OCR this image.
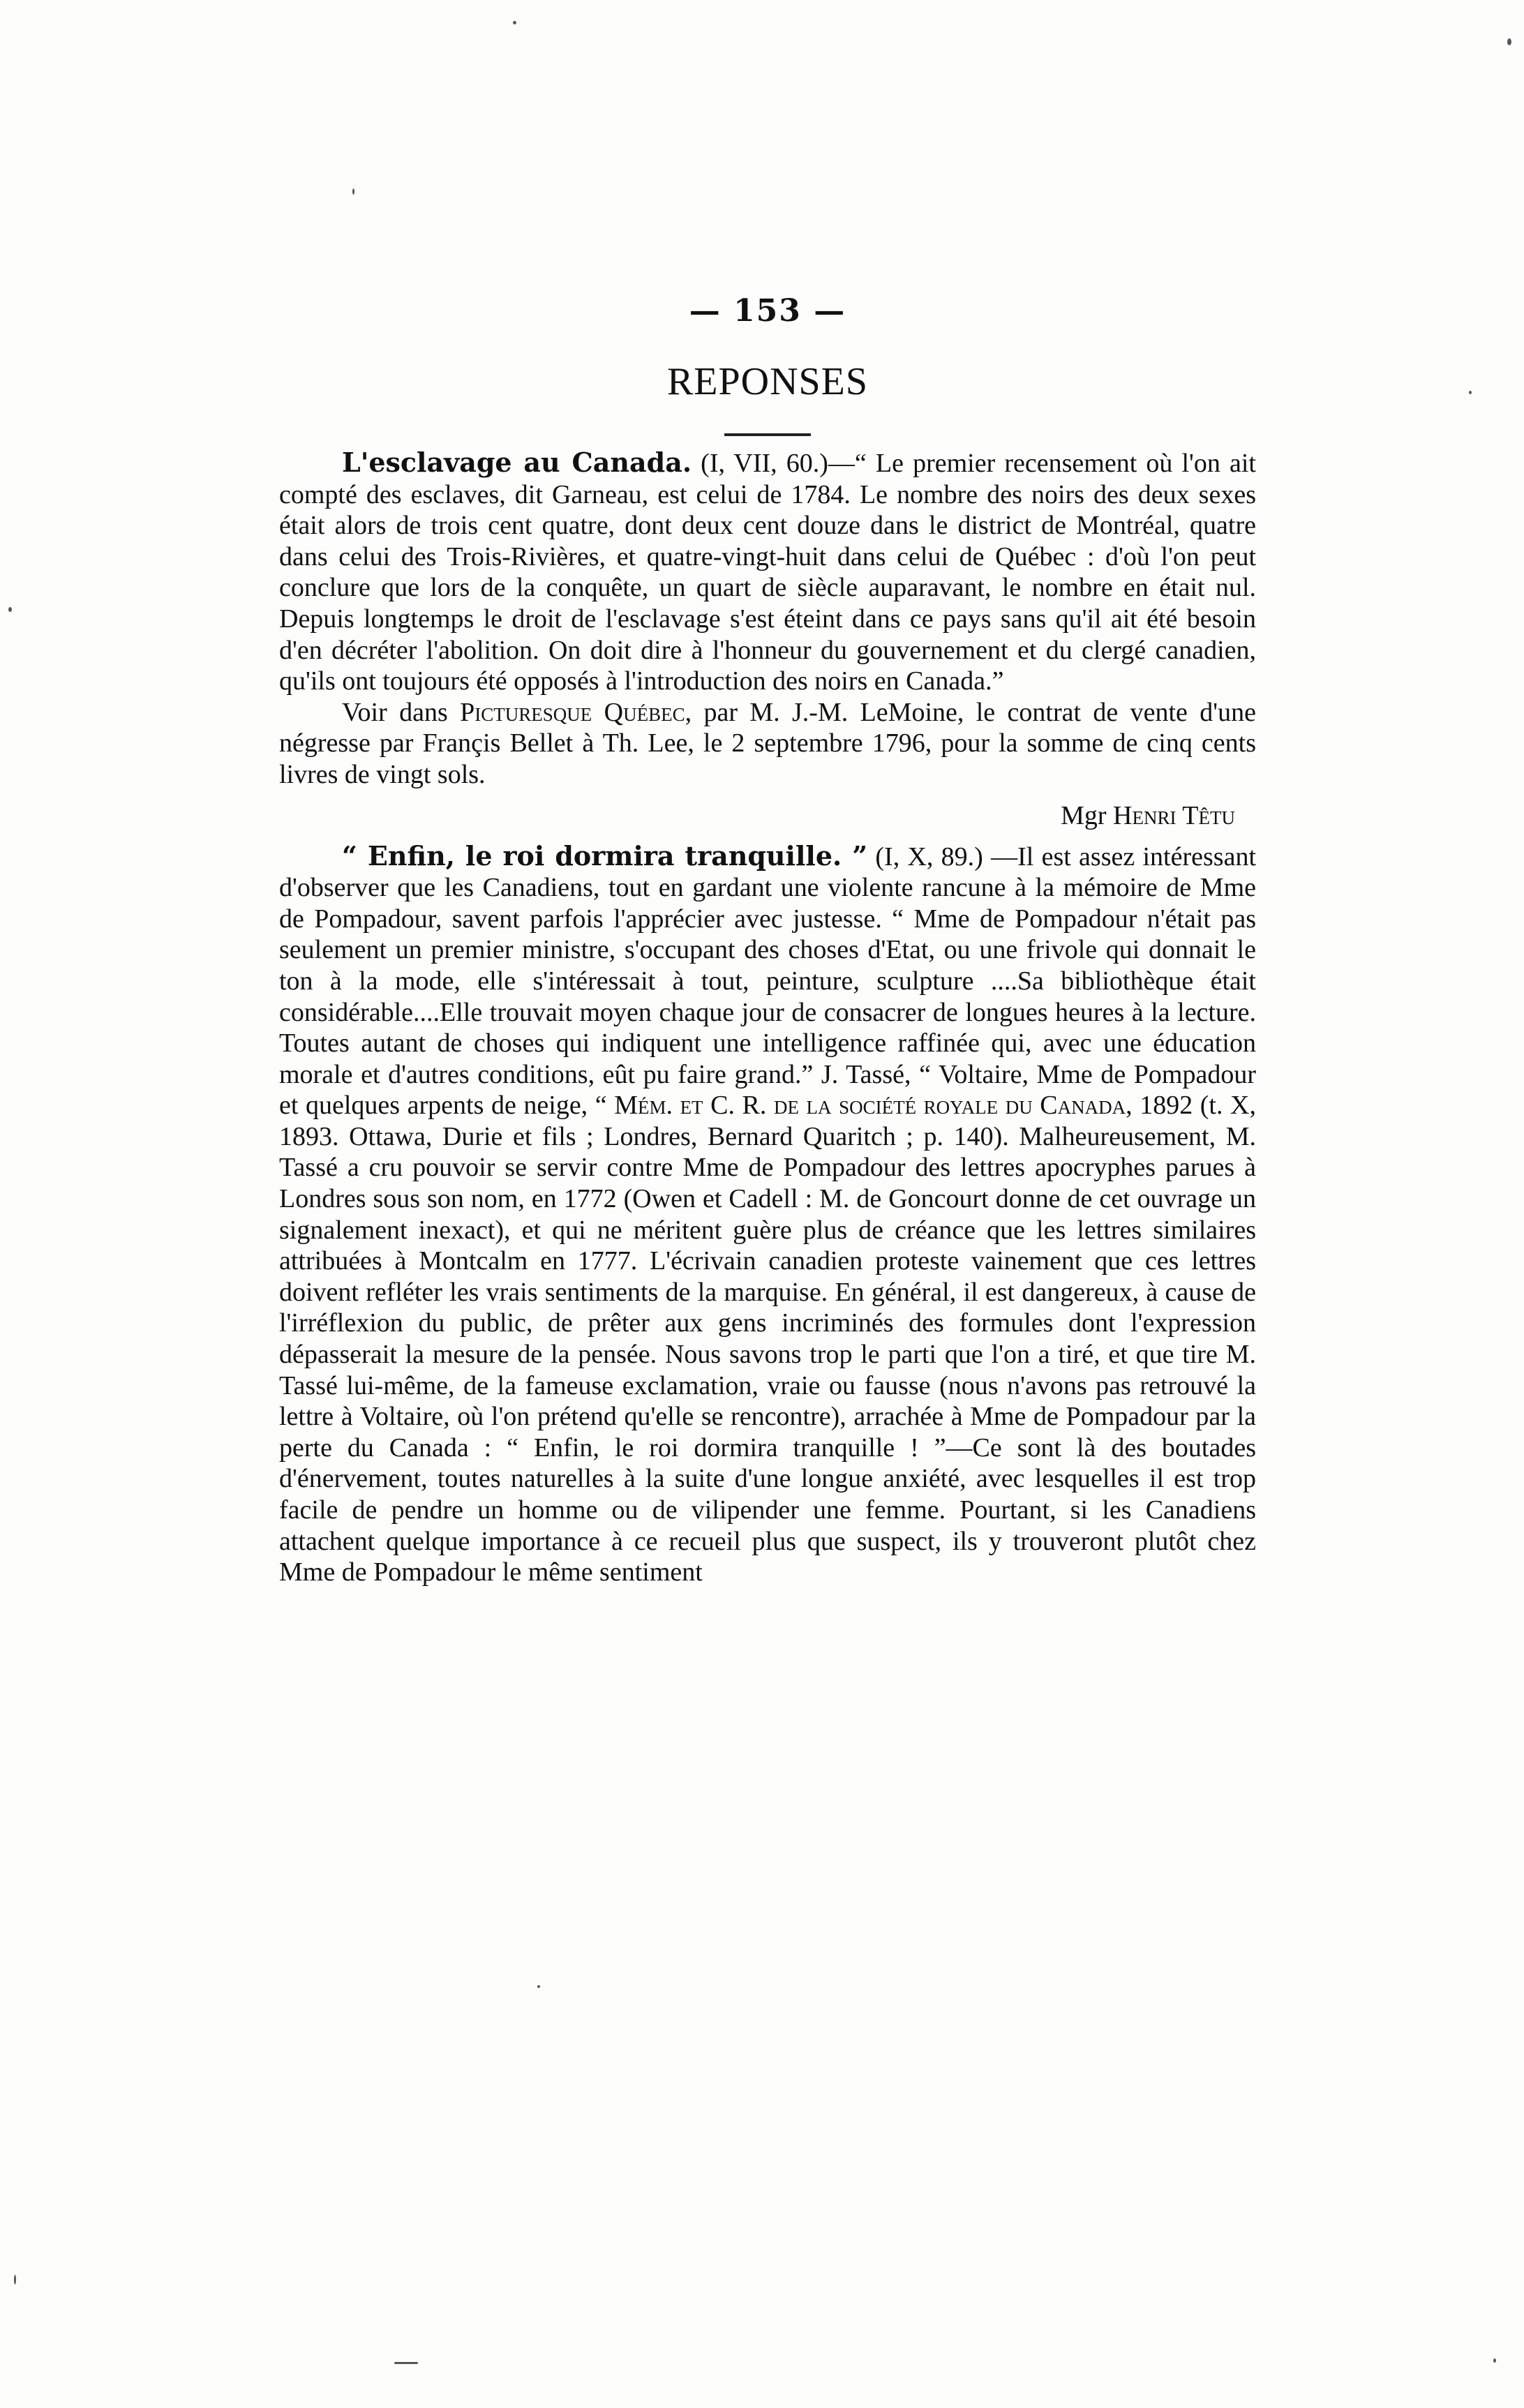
— 153 —
REPONSES

L'esclavage au Canada. (I, VII, 60.)—“ Le premier recensement où l'on ait compté des esclaves, dit Garneau, est celui de 1784. Le nombre des noirs des deux sexes était alors de trois cent quatre, dont deux cent douze dans le district de Montréal, quatre dans celui des Trois-Rivières, et quatre-vingt-huit dans celui de Québec : d'où l'on peut conclure que lors de la conquête, un quart de siècle auparavant, le nombre en était nul. Depuis longtemps le droit de l'esclavage s'est éteint dans ce pays sans qu'il ait été besoin d'en décréter l'abolition. On doit dire à l'honneur du gouvernement et du clergé canadien, qu'ils ont toujours été opposés à l'introduction des noirs en Canada.”

Voir dans Picturesque Québec, par M. J.-M. LeMoine, le contrat de vente d'une négresse par Françis Bellet à Th. Lee, le 2 septembre 1796, pour la somme de cinq cents livres de vingt sols.

Mgr Henri Têtu

“ Enfin, le roi dormira tranquille. ” (I, X, 89.) —Il est assez intéressant d'observer que les Canadiens, tout en gardant une violente rancune à la mémoire de Mme de Pompadour, savent parfois l'apprécier avec justesse. “ Mme de Pompadour n'était pas seulement un premier ministre, s'occupant des choses d'Etat, ou une frivole qui donnait le ton à la mode, elle s'intéressait à tout, peinture, sculpture ....Sa bibliothèque était considérable....Elle trouvait moyen chaque jour de consacrer de longues heures à la lecture. Toutes autant de choses qui indiquent une intelligence raffinée qui, avec une éducation morale et d'autres conditions, eût pu faire grand.” J. Tassé, “ Voltaire, Mme de Pompadour et quelques arpents de neige, “ Mém. et C. R. de la société royale du Canada, 1892 (t. X, 1893. Ottawa, Durie et fils ; Londres, Bernard Quaritch ; p. 140). Malheureusement, M. Tassé a cru pouvoir se servir contre Mme de Pompadour des lettres apocryphes parues à Londres sous son nom, en 1772 (Owen et Cadell : M. de Goncourt donne de cet ouvrage un signalement inexact), et qui ne méritent guère plus de créance que les lettres similaires attribuées à Montcalm en 1777. L'écrivain canadien proteste vainement que ces lettres doivent refléter les vrais sentiments de la marquise. En général, il est dangereux, à cause de l'irréflexion du public, de prêter aux gens incriminés des formules dont l'expression dépasserait la mesure de la pensée. Nous savons trop le parti que l'on a tiré, et que tire M. Tassé lui-même, de la fameuse exclamation, vraie ou fausse (nous n'avons pas retrouvé la lettre à Voltaire, où l'on prétend qu'elle se rencontre), arrachée à Mme de Pompadour par la perte du Canada : “ Enfin, le roi dormira tranquille ! ”—Ce sont là des boutades d'énervement, toutes naturelles à la suite d'une longue anxiété, avec lesquelles il est trop facile de pendre un homme ou de vilipender une femme. Pourtant, si les Canadiens attachent quelque importance à ce recueil plus que suspect, ils y trouveront plutôt chez Mme de Pompadour le même sentiment
